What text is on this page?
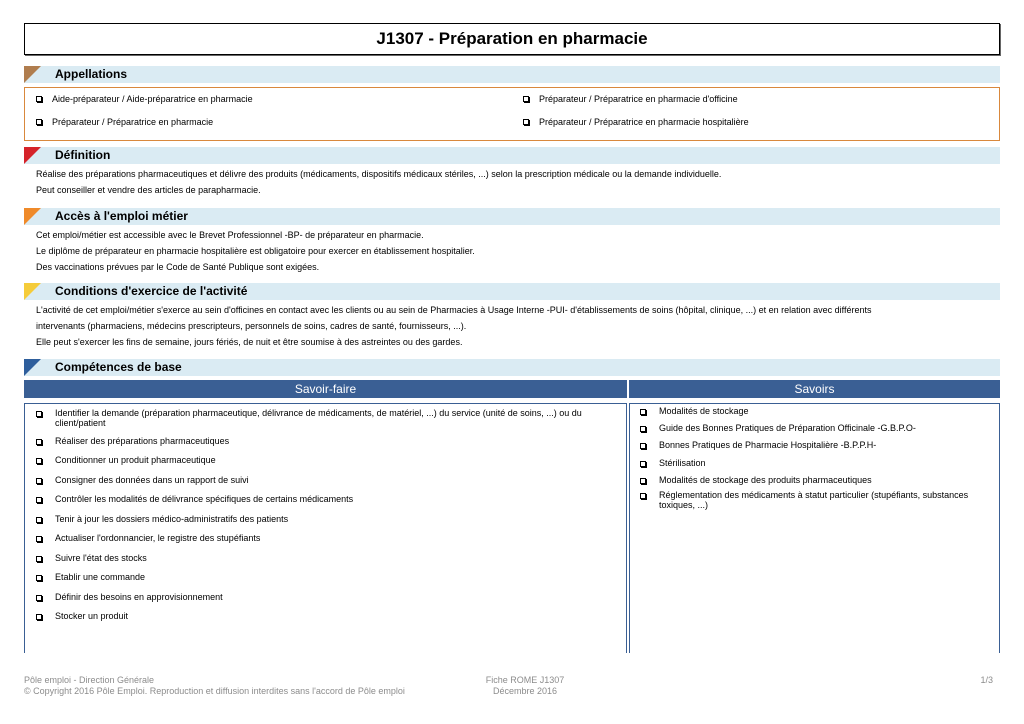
J1307 - Préparation en pharmacie
Appellations
Aide-préparateur / Aide-préparatrice en pharmacie	Préparateur / Préparatrice en pharmacie d'officine
Préparateur / Préparatrice en pharmacie	Préparateur / Préparatrice en pharmacie hospitalière
Définition
Réalise des préparations pharmaceutiques et délivre des produits (médicaments, dispositifs médicaux stériles, ...) selon la prescription médicale ou la demande individuelle.
Peut conseiller et vendre des articles de parapharmacie.
Accès à l'emploi métier
Cet emploi/métier est accessible avec le Brevet Professionnel -BP- de préparateur en pharmacie.
Le diplôme de préparateur en pharmacie hospitalière est obligatoire pour exercer en établissement hospitalier.
Des vaccinations prévues par le Code de Santé Publique sont exigées.
Conditions d'exercice de l'activité
L'activité de cet emploi/métier s'exerce au sein d'officines en contact avec les clients ou au sein de Pharmacies à Usage Interne -PUI- d'établissements de soins (hôpital, clinique, ...) et en relation avec différents
intervenants (pharmaciens, médecins prescripteurs, personnels de soins, cadres de santé, fournisseurs, ...).
Elle peut s'exercer les fins de semaine, jours fériés, de nuit et être soumise à des astreintes ou des gardes.
Compétences de base
Savoir-faire	Savoirs
Identifier la demande (préparation pharmaceutique, délivrance de médicaments, de matériel, ...) du service (unité de soins, ...) ou du client/patient
Réaliser des préparations pharmaceutiques
Conditionner un produit pharmaceutique
Consigner des données dans un rapport de suivi
Contrôler les modalités de délivrance spécifiques de certains médicaments
Tenir à jour les dossiers médico-administratifs des patients
Actualiser l'ordonnancier, le registre des stupéfiants
Suivre l'état des stocks
Etablir une commande
Définir des besoins en approvisionnement
Stocker un produit
Modalités de stockage
Guide des Bonnes Pratiques de Préparation Officinale -G.B.P.O-
Bonnes Pratiques de Pharmacie Hospitalière -B.P.P.H-
Stérilisation
Modalités de stockage des produits pharmaceutiques
Réglementation des médicaments à statut particulier (stupéfiants, substances toxiques, ...)
Pôle emploi - Direction Générale
© Copyright 2016 Pôle Emploi. Reproduction et diffusion interdites sans l'accord de Pôle emploi
Fiche ROME J1307
Décembre 2016
1/3
